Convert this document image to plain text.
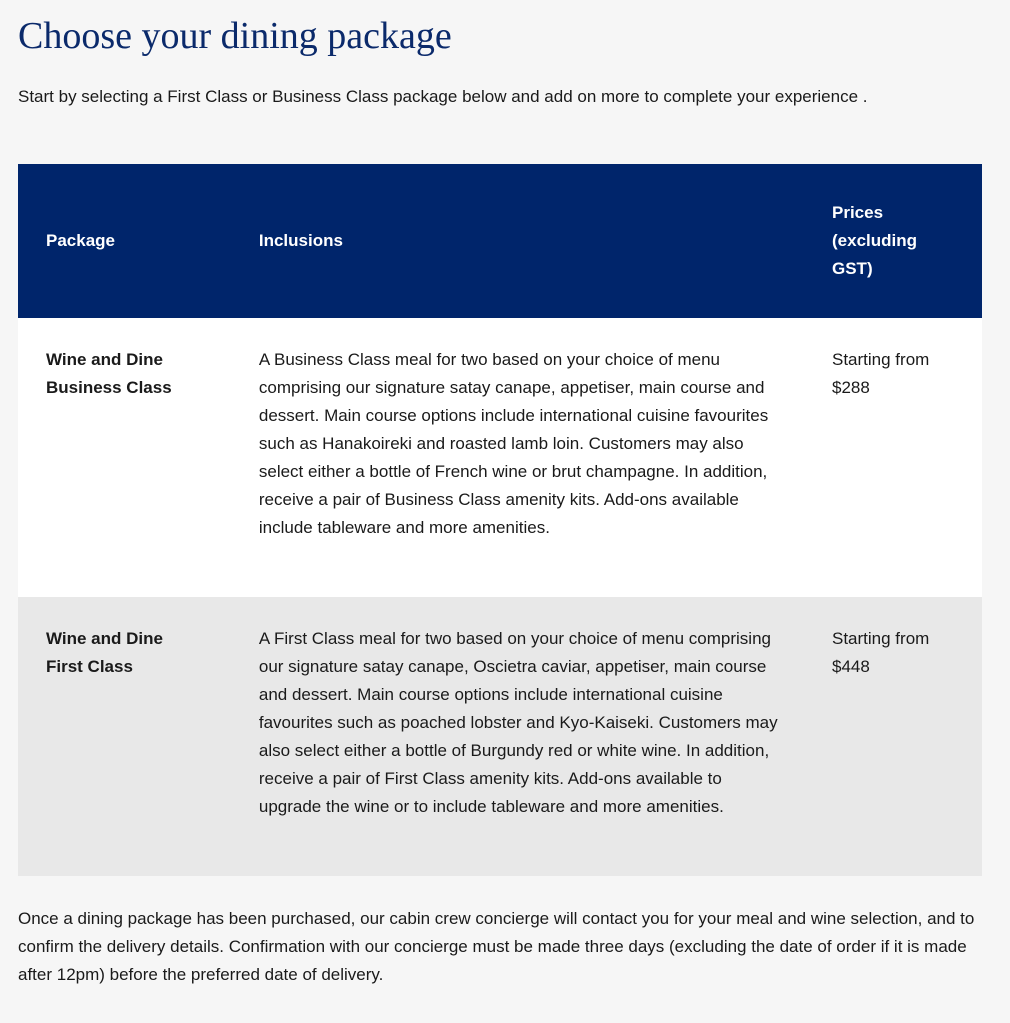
Choose your dining package

Start by selecting a First Class or Business Class package below and add on more to complete your experience .

Package	Inclusions	Prices (excluding GST)

Wine and Dine Business Class	A Business Class meal for two based on your choice of menu comprising our signature satay canape, appetiser, main course and dessert. Main course options include international cuisine favourites such as Hanakoireki and roasted lamb loin. Customers may also select either a bottle of French wine or brut champagne. In addition, receive a pair of Business Class amenity kits. Add-ons available include tableware and more amenities.	Starting from $288

Wine and Dine First Class	A First Class meal for two based on your choice of menu comprising our signature satay canape, Oscietra caviar, appetiser, main course and dessert. Main course options include international cuisine favourites such as poached lobster and Kyo-Kaiseki. Customers may also select either a bottle of Burgundy red or white wine. In addition, receive a pair of First Class amenity kits. Add-ons available to upgrade the wine or to include tableware and more amenities.	Starting from $448

Once a dining package has been purchased, our cabin crew concierge will contact you for your meal and wine selection, and to confirm the delivery details. Confirmation with our concierge must be made three days (excluding the date of order if it is made after 12pm) before the preferred date of delivery.
